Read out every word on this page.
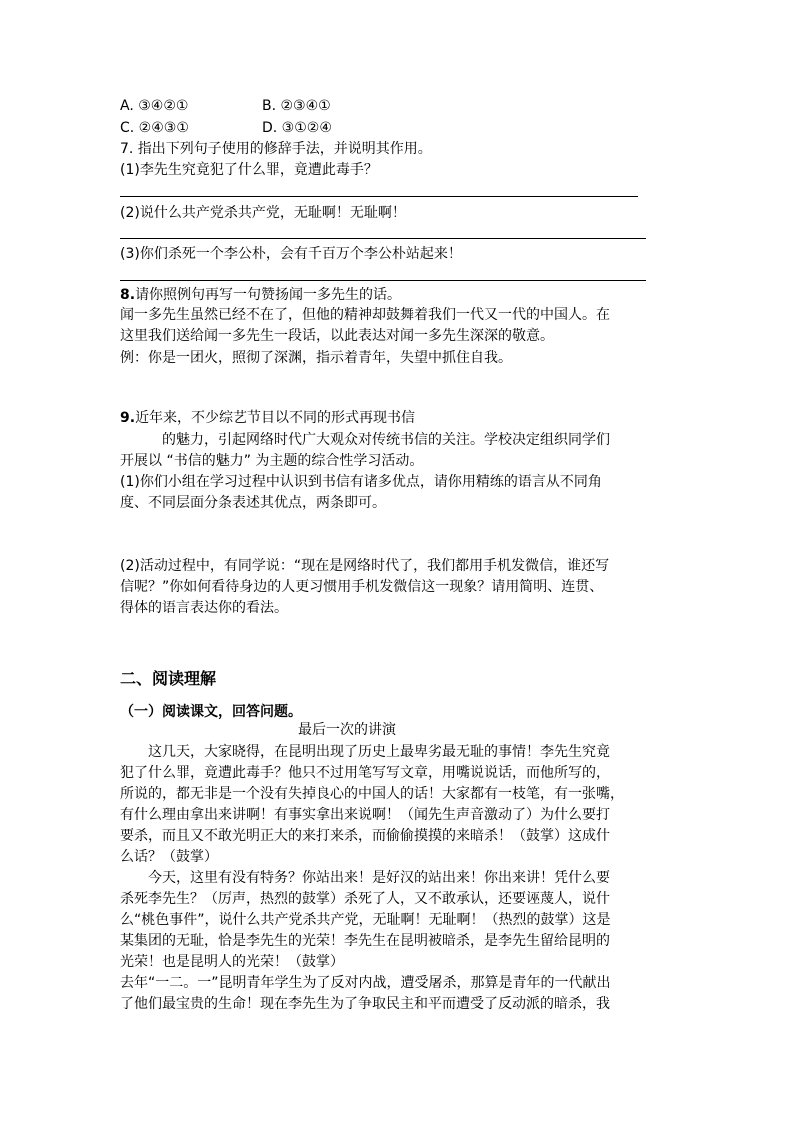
A. ③④②①	B. ②③④①
C. ②④③①	D. ③①②④
7. 指出下列句子使用的修辞手法，并说明其作用。
(1)李先生究竟犯了什么罪，竟遭此毒手？
(2)说什么共产党杀共产党，无耻啊！无耻啊！
(3)你们杀死一个李公朴，会有千百万个李公朴站起来！
8.请你照例句再写一句赞扬闻一多先生的话。
闻一多先生虽然已经不在了，但他的精神却鼓舞着我们一代又一代的中国人。在
这里我们送给闻一多先生一段话，以此表达对闻一多先生深深的敬意。
例：你是一团火，照彻了深渊，指示着青年，失望中抓住自我。
9.近年来，不少综艺节目以不同的形式再现书信
的魅力，引起网络时代广大观众对传统书信的关注。学校决定组织同学们
开展以 “书信的魅力” 为主题的综合性学习活动。
(1)你们小组在学习过程中认识到书信有诸多优点，请你用精练的语言从不同角
度、不同层面分条表述其优点，两条即可。
(2)活动过程中，有同学说：“现在是网络时代了，我们都用手机发微信，谁还写
信呢？”你如何看待身边的人更习惯用手机发微信这一现象？请用简明、连贯、
得体的语言表达你的看法。
二、阅读理解
（一）阅读课文，回答问题。
最后一次的讲演
这几天，大家晓得，在昆明出现了历史上最卑劣最无耻的事情！李先生究竟
犯了什么罪，竟遭此毒手？他只不过用笔写写文章，用嘴说说话，而他所写的，
所说的，都无非是一个没有失掉良心的中国人的话！大家都有一枝笔，有一张嘴，
有什么理由拿出来讲啊！有事实拿出来说啊！（闻先生声音激动了）为什么要打
要杀，而且又不敢光明正大的来打来杀，而偷偷摸摸的来暗杀！（鼓掌）这成什
么话？（鼓掌）
今天，这里有没有特务？你站出来！是好汉的站出来！你出来讲！凭什么要
杀死李先生？（厉声，热烈的鼓掌）杀死了人，又不敢承认，还要诬蔑人，说什
么“桃色事件”，说什么共产党杀共产党，无耻啊！无耻啊！（热烈的鼓掌）这是
某集团的无耻，恰是李先生的光荣！李先生在昆明被暗杀，是李先生留给昆明的
光荣！也是昆明人的光荣！（鼓掌）
去年“一二。一”昆明青年学生为了反对内战，遭受屠杀，那算是青年的一代献出
了他们最宝贵的生命！现在李先生为了争取民主和平而遭受了反动派的暗杀，我
